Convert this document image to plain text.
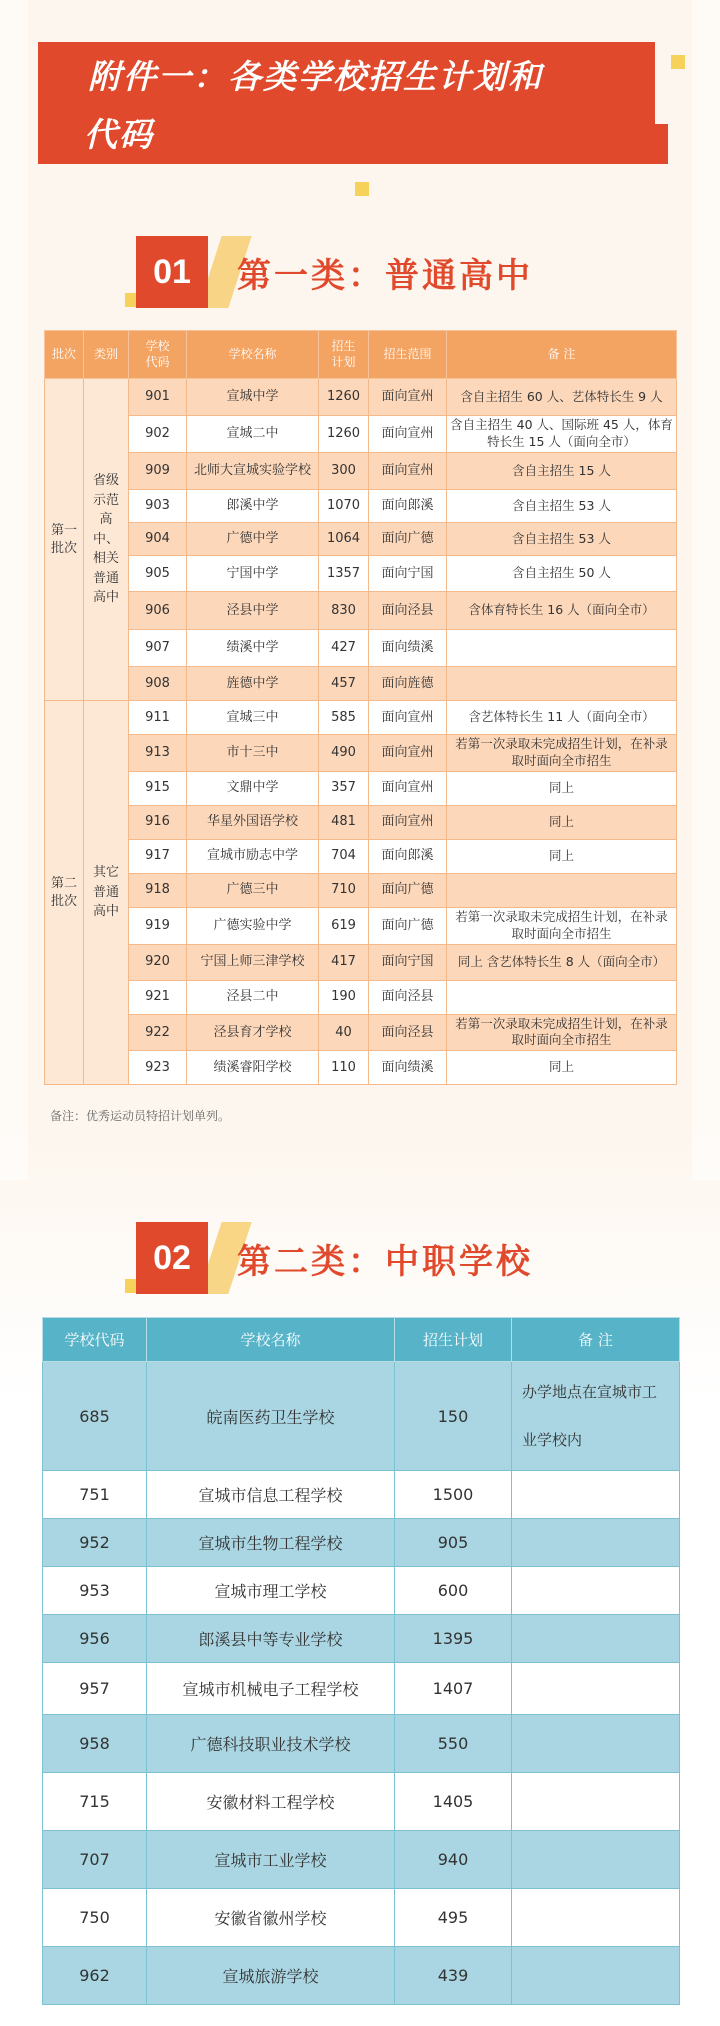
附件一：各类学校招生计划和
代码
01	第一类：普通高中
批次	类别	学校代码	学校名称	招生计划	招生范围	备 注
第一批次	省级示范高中、相关普通高中	901	宣城中学	1260	面向宣州	含自主招生 60 人、艺体特长生 9 人
		902	宣城二中	1260	面向宣州	含自主招生 40 人、国际班 45 人，体育特长生 15 人（面向全市）
		909	北师大宣城实验学校	300	面向宣州	含自主招生 15 人
		903	郎溪中学	1070	面向郎溪	含自主招生 53 人
		904	广德中学	1064	面向广德	含自主招生 53 人
		905	宁国中学	1357	面向宁国	含自主招生 50 人
		906	泾县中学	830	面向泾县	含体育特长生 16 人（面向全市）
		907	绩溪中学	427	面向绩溪	
		908	旌德中学	457	面向旌德	
第二批次	其它普通高中	911	宣城三中	585	面向宣州	含艺体特长生 11 人（面向全市）
		913	市十三中	490	面向宣州	若第一次录取未完成招生计划，在补录取时面向全市招生
		915	文鼎中学	357	面向宣州	同上
		916	华星外国语学校	481	面向宣州	同上
		917	宣城市励志中学	704	面向郎溪	同上
		918	广德三中	710	面向广德	
		919	广德实验中学	619	面向广德	若第一次录取未完成招生计划，在补录取时面向全市招生
		920	宁国上师三津学校	417	面向宁国	同上 含艺体特长生 8 人（面向全市）
		921	泾县二中	190	面向泾县	
		922	泾县育才学校	40	面向泾县	若第一次录取未完成招生计划，在补录取时面向全市招生
		923	绩溪睿阳学校	110	面向绩溪	同上
备注：优秀运动员特招计划单列。
02	第二类：中职学校
学校代码	学校名称	招生计划	备 注
685	皖南医药卫生学校	150	办学地点在宣城市工业学校内
751	宣城市信息工程学校	1500	
952	宣城市生物工程学校	905	
953	宣城市理工学校	600	
956	郎溪县中等专业学校	1395	
957	宣城市机械电子工程学校	1407	
958	广德科技职业技术学校	550	
715	安徽材料工程学校	1405	
707	宣城市工业学校	940	
750	安徽省徽州学校	495	
962	宣城旅游学校	439	
